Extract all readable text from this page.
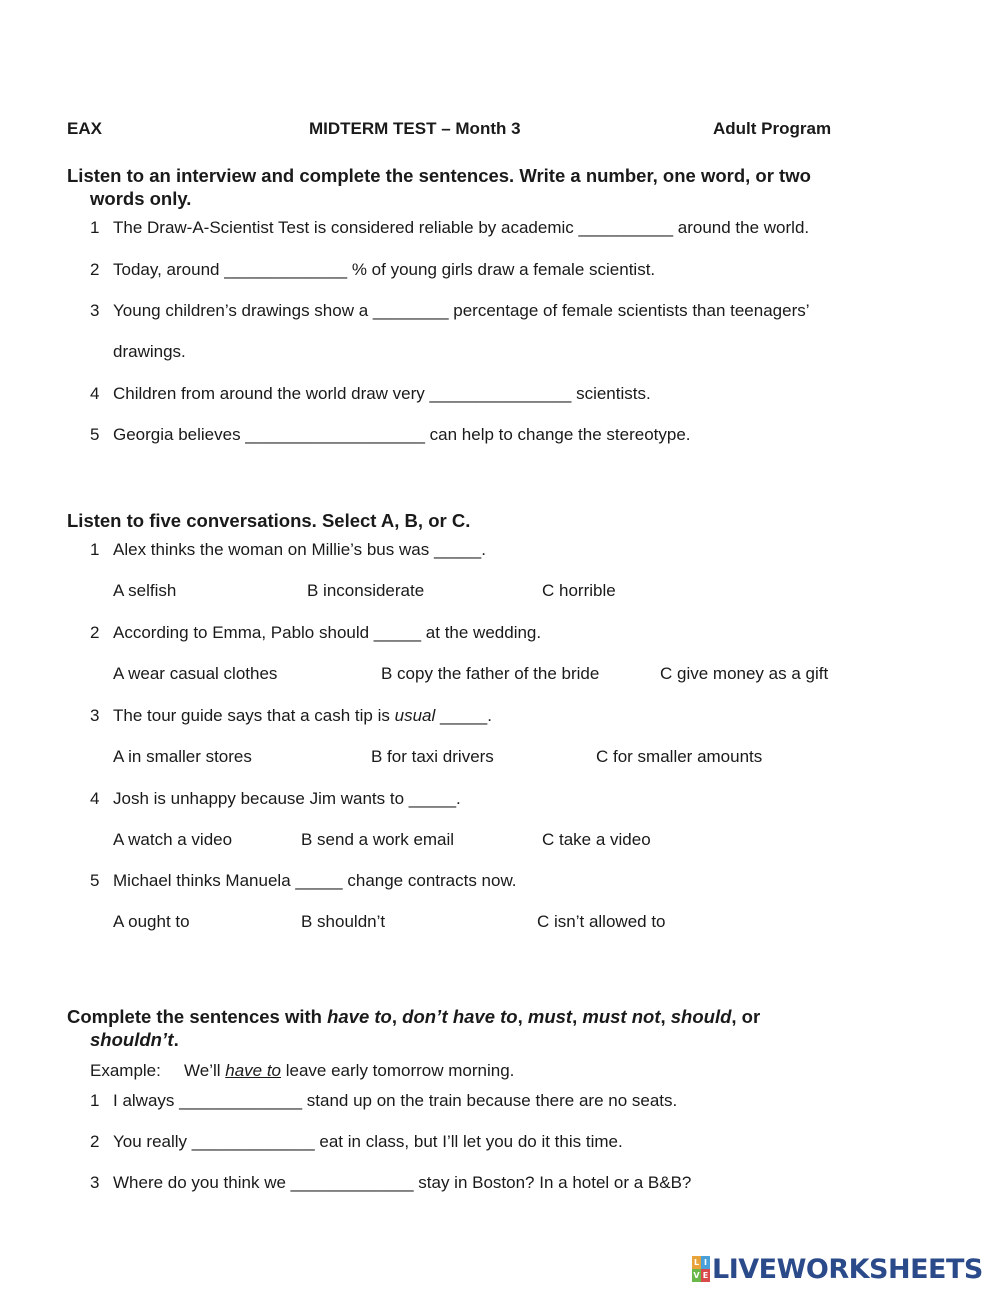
EAX	MIDTERM TEST – Month 3	Adult Program
Listen to an interview and complete the sentences. Write a number, one word, or two
words only.
1 The Draw-A-Scientist Test is considered reliable by academic __________ around the world.
2 Today, around _____________ % of young girls draw a female scientist.
3 Young children’s drawings show a ________ percentage of female scientists than teenagers’
drawings.
4 Children from around the world draw very _______________ scientists.
5 Georgia believes ___________________ can help to change the stereotype.
Listen to five conversations. Select A, B, or C.
1 Alex thinks the woman on Millie’s bus was _____.
A selfish	B inconsiderate	C horrible
2 According to Emma, Pablo should _____ at the wedding.
A wear casual clothes	B copy the father of the bride	C give money as a gift
3 The tour guide says that a cash tip is usual _____.
A in smaller stores	B for taxi drivers	C for smaller amounts
4 Josh is unhappy because Jim wants to _____.
A watch a video	B send a work email	C take a video
5 Michael thinks Manuela _____ change contracts now.
A ought to	B shouldn’t	C isn’t allowed to
Complete the sentences with have to, don’t have to, must, must not, should, or
shouldn’t.
Example: We’ll have to leave early tomorrow morning.
1 I always _____________ stand up on the train because there are no seats.
2 You really _____________ eat in class, but I’ll let you do it this time.
3 Where do you think we _____________ stay in Boston? In a hotel or a B&B?
L I
V E LIVEWORKSHEETS
